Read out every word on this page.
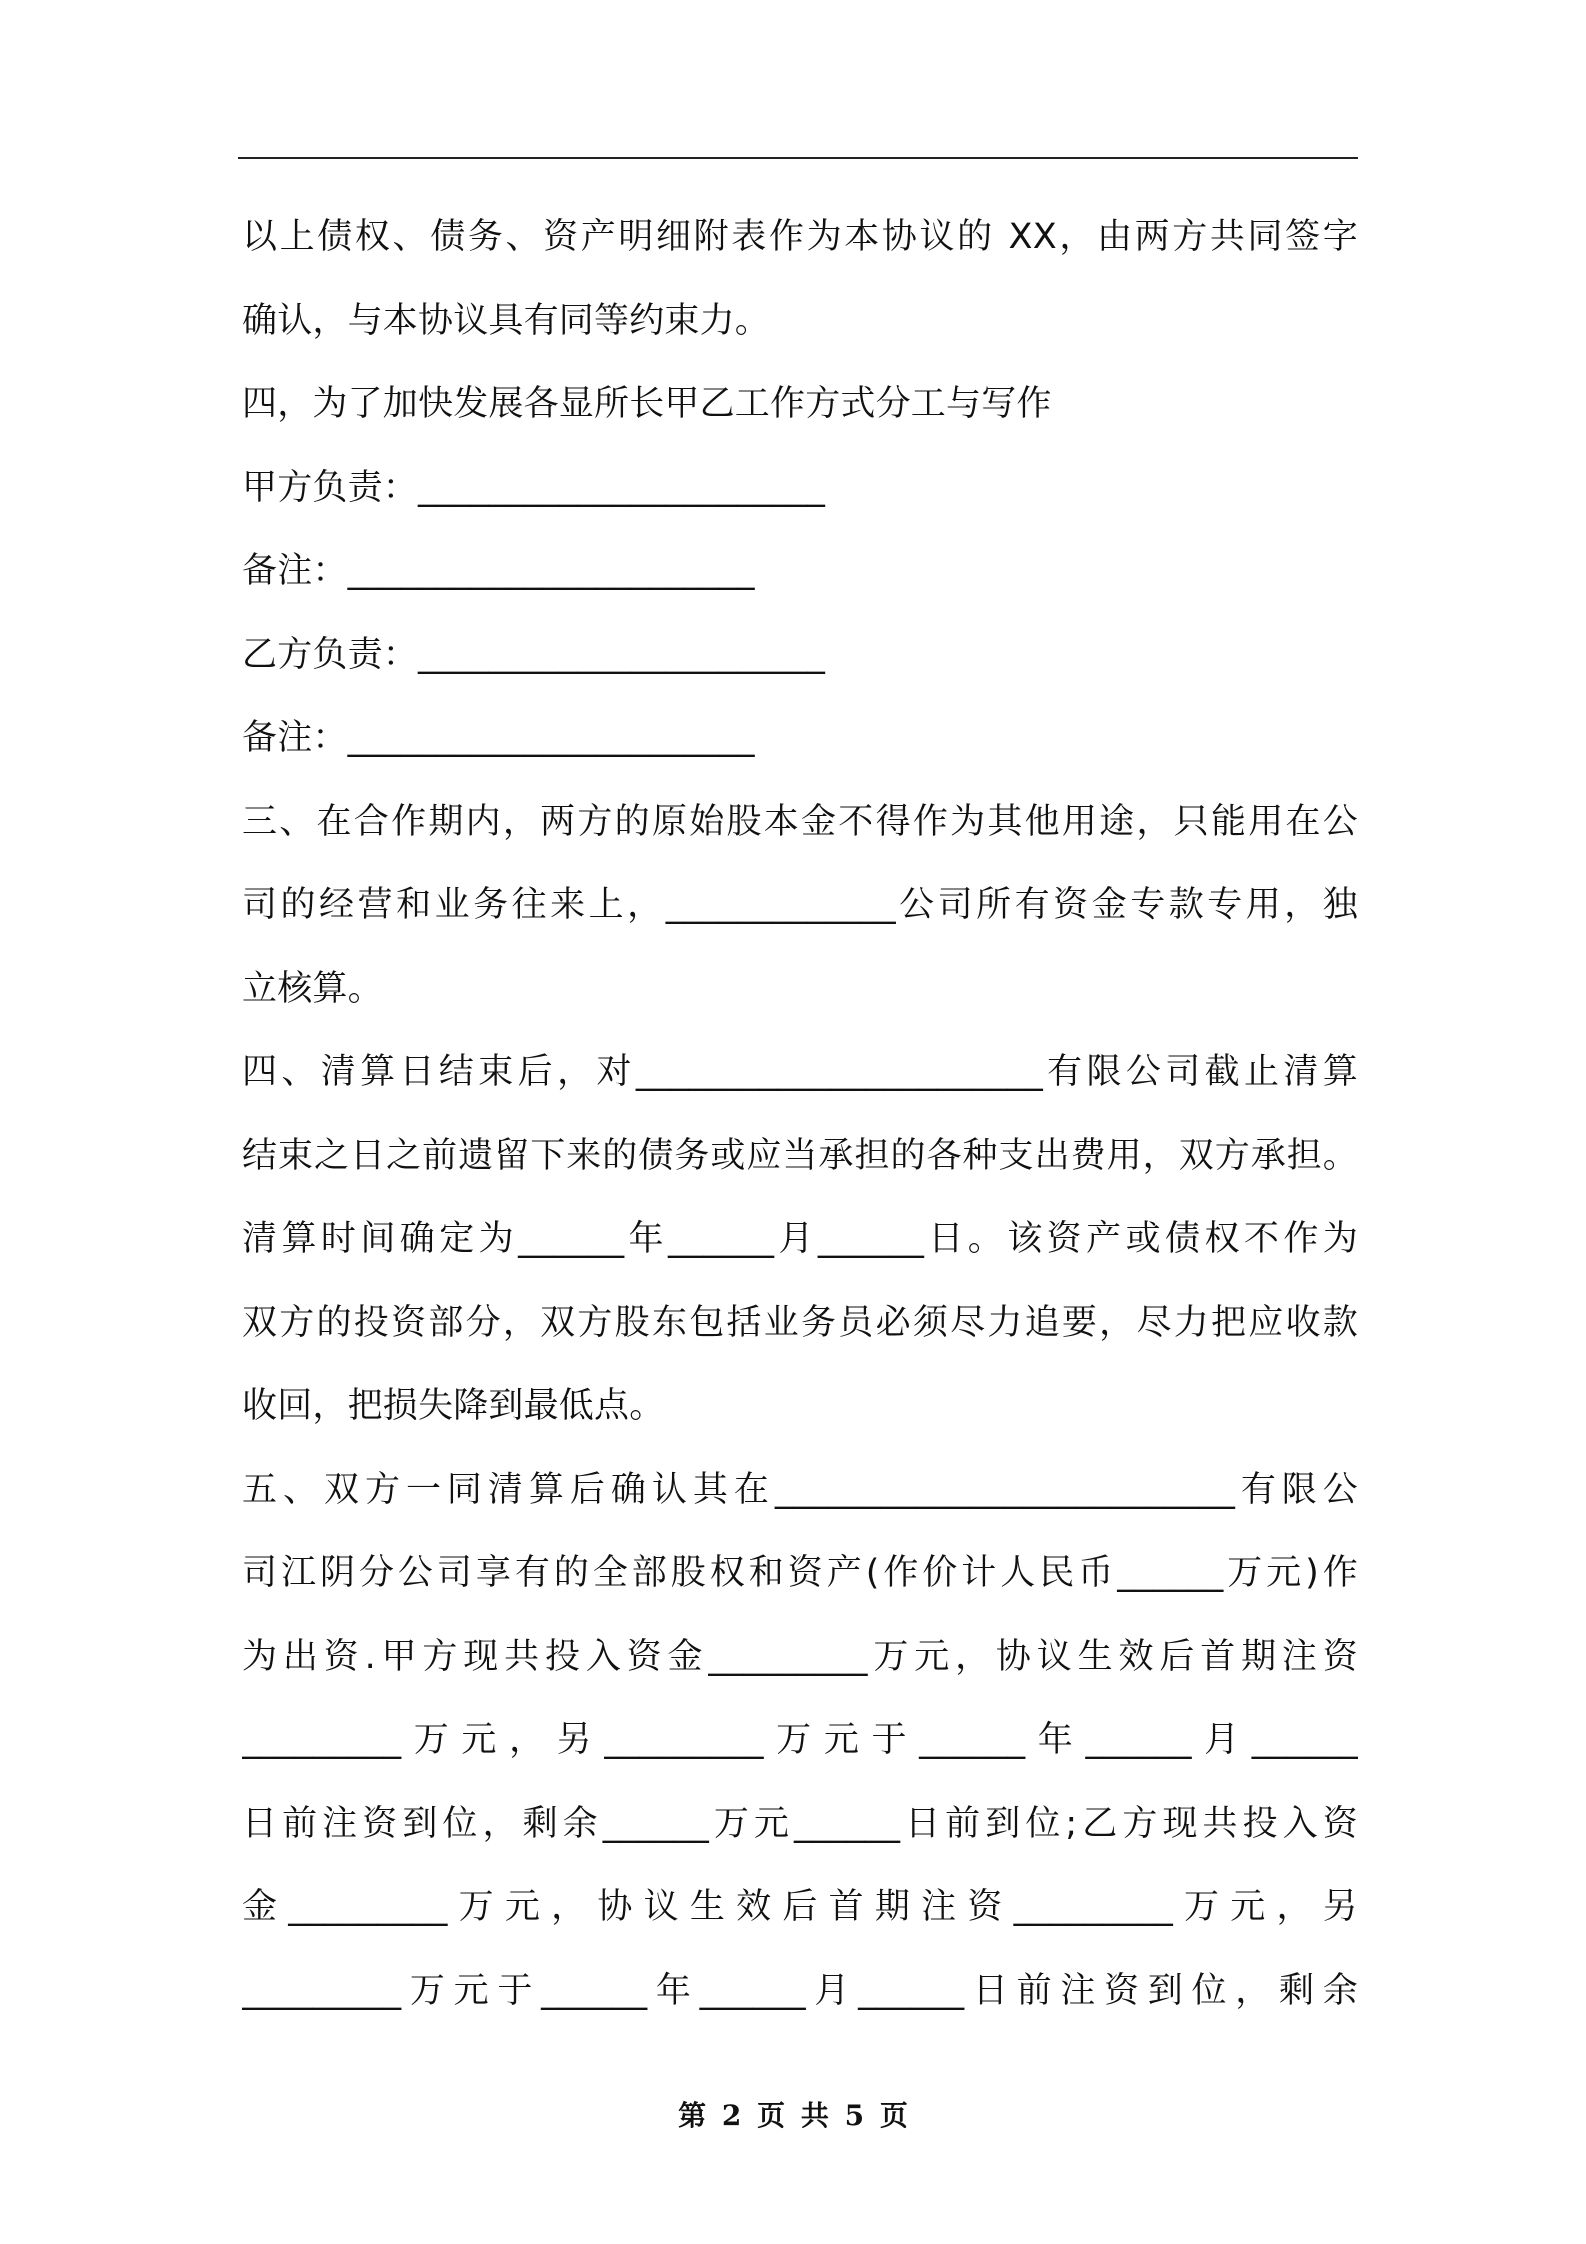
以上债权、债务、资产明细附表作为本协议的 XX，由两方共同签字
确认，与本协议具有同等约束力。
四，为了加快发展各显所长甲乙工作方式分工与写作
甲方负责：_______________________
备注：_______________________
乙方负责：_______________________
备注：_______________________
三、在合作期内，两方的原始股本金不得作为其他用途，只能用在公
司的经营和业务往来上，_____________公司所有资金专款专用，独
立核算。
四、清算日结束后，对_______________________有限公司截止清算
结束之日之前遗留下来的债务或应当承担的各种支出费用，双方承担。
清算时间确定为______年______月______日。该资产或债权不作为
双方的投资部分，双方股东包括业务员必须尽力追要，尽力把应收款
收回，把损失降到最低点。
五、双方一同清算后确认其在__________________________有限公
司江阴分公司享有的全部股权和资产(作价计人民币______万元)作
为出资.甲方现共投入资金_________万元，协议生效后首期注资
_________万元，另_________万元于______年______月______
日前注资到位，剩余______万元______日前到位;乙方现共投入资
金_________万元，协议生效后首期注资_________万元，另
_________万元于______年______月______日前注资到位，剩余
第 2 页 共 5 页
